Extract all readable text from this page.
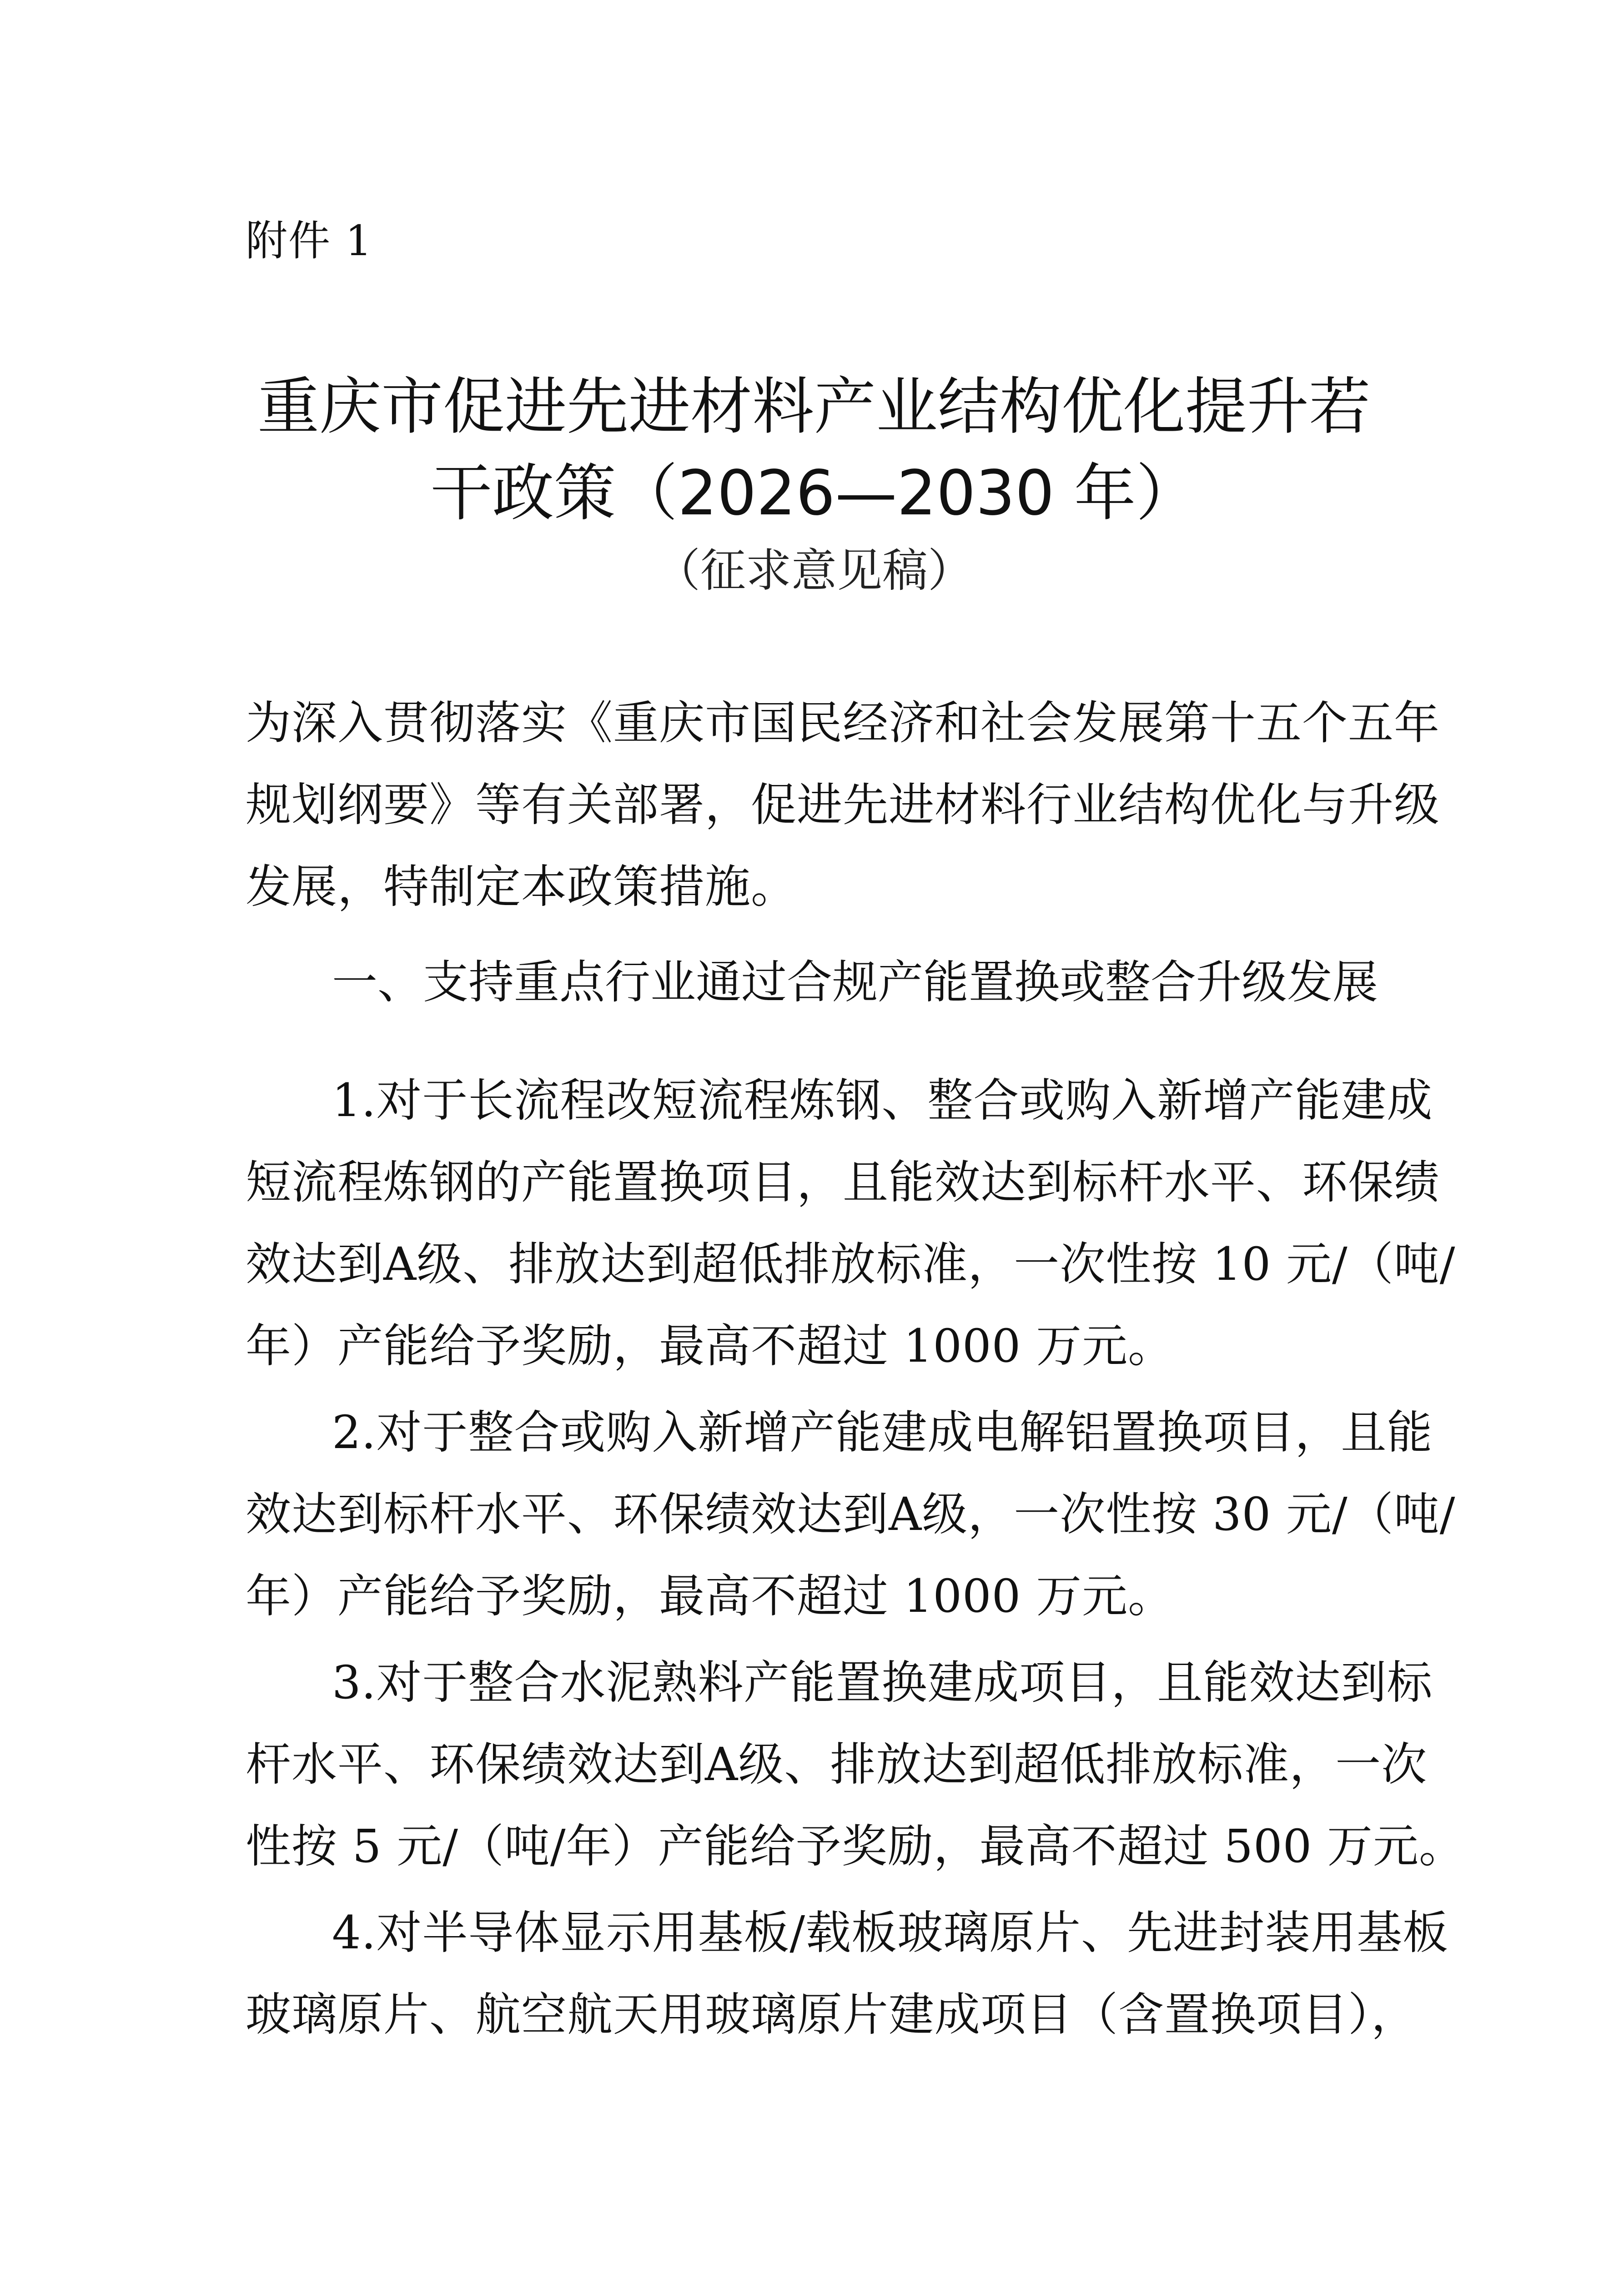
附件 1
重庆市促进先进材料产业结构优化提升若
干政策（2026—2030 年）
（征求意见稿）
为深入贯彻落实《重庆市国民经济和社会发展第十五个五年
规划纲要》等有关部署，促进先进材料行业结构优化与升级
发展，特制定本政策措施。
一、支持重点行业通过合规产能置换或整合升级发展
1.对于长流程改短流程炼钢、整合或购入新增产能建成
短流程炼钢的产能置换项目，且能效达到标杆水平、环保绩
效达到A级、排放达到超低排放标准，一次性按 10 元/（吨/
年）产能给予奖励，最高不超过 1000 万元。
2.对于整合或购入新增产能建成电解铝置换项目，且能
效达到标杆水平、环保绩效达到A级，一次性按 30 元/（吨/
年）产能给予奖励，最高不超过 1000 万元。
3.对于整合水泥熟料产能置换建成项目，且能效达到标
杆水平、环保绩效达到A级、排放达到超低排放标准，一次
性按 5 元/（吨/年）产能给予奖励，最高不超过 500 万元。
4.对半导体显示用基板/载板玻璃原片、先进封装用基板
玻璃原片、航空航天用玻璃原片建成项目（含置换项目），
